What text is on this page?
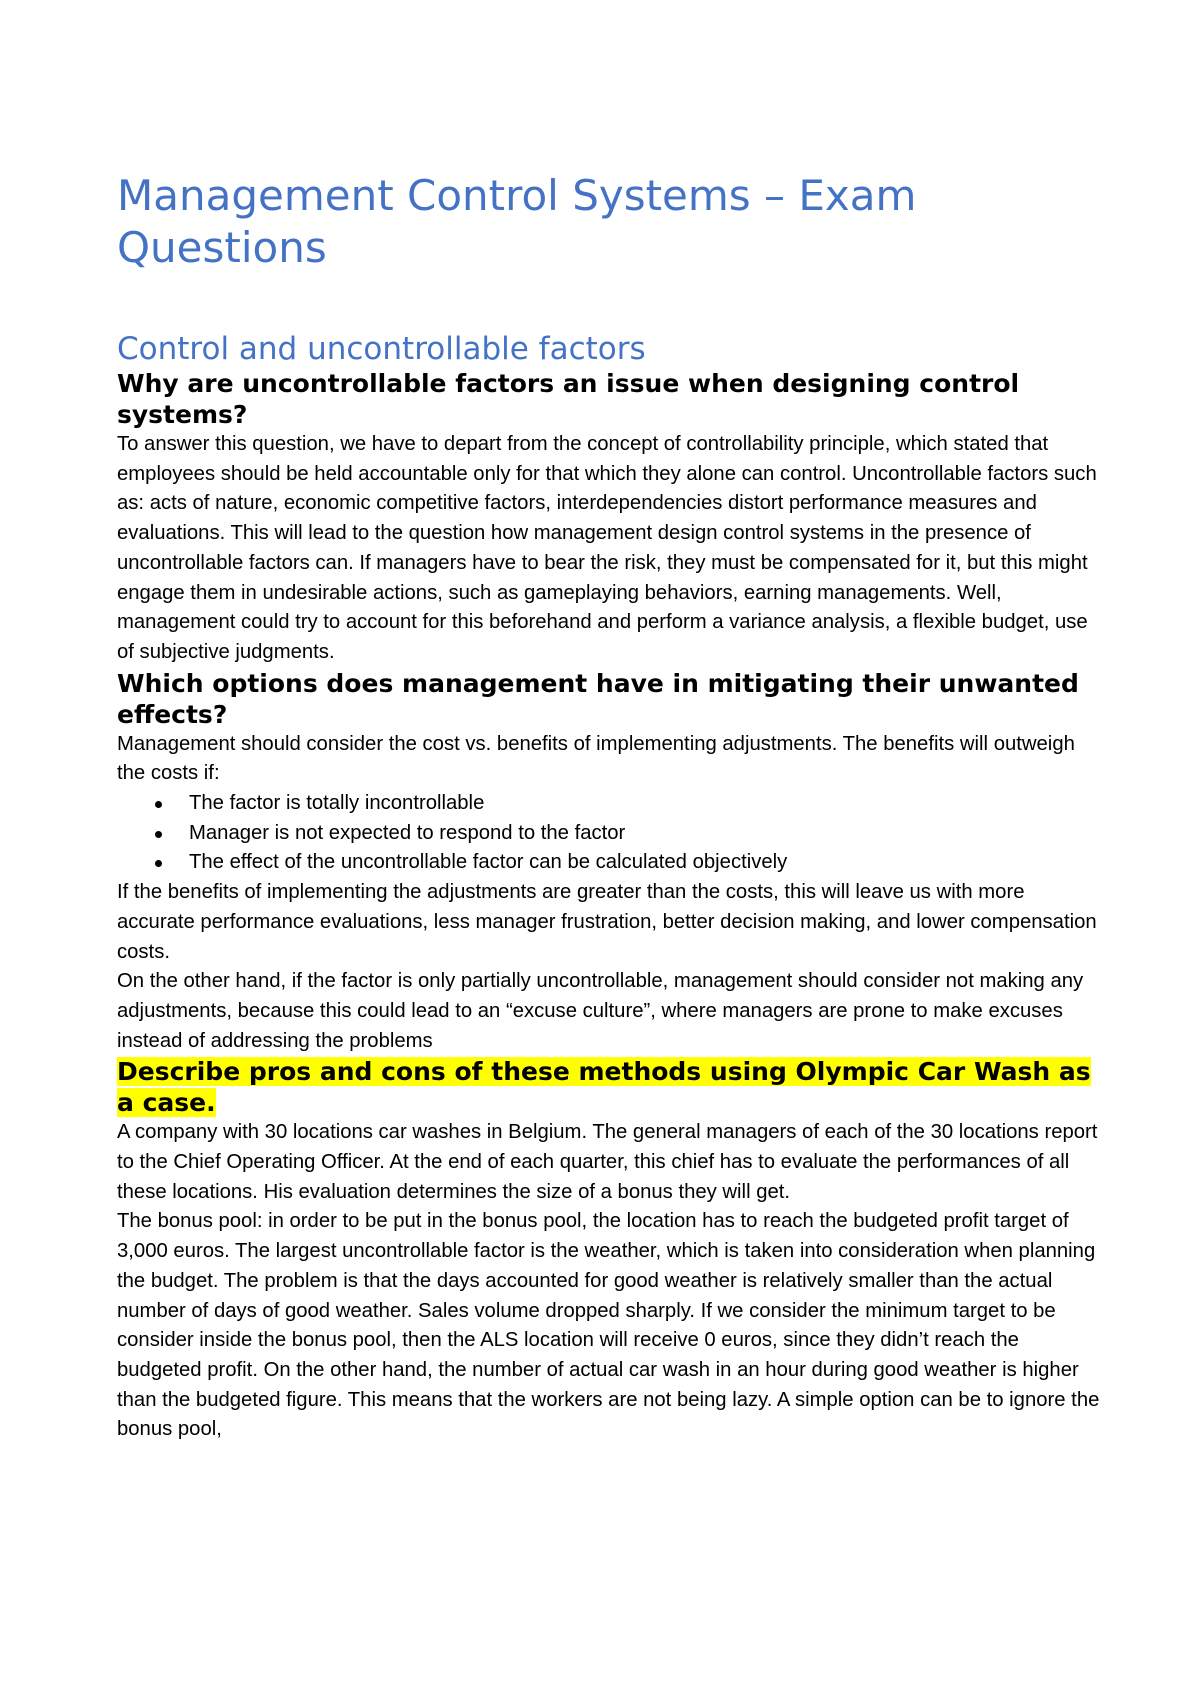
Management Control Systems – Exam Questions
Control and uncontrollable factors
Why are uncontrollable factors an issue when designing control systems?

To answer this question, we have to depart from the concept of controllability principle, which stated that employees should be held accountable only for that which they alone can control. Uncontrollable factors such as: acts of nature, economic competitive factors, interdependencies distort performance measures and evaluations. This will lead to the question how management design control systems in the presence of uncontrollable factors can. If managers have to bear the risk, they must be compensated for it, but this might engage them in undesirable actions, such as gameplaying behaviors, earning managements. Well, management could try to account for this beforehand and perform a variance analysis, a flexible budget, use of subjective judgments.

Which options does management have in mitigating their unwanted effects?

Management should consider the cost vs. benefits of implementing adjustments. The benefits will outweigh the costs if:

The factor is totally incontrollable
Manager is not expected to respond to the factor
The effect of the uncontrollable factor can be calculated objectively

If the benefits of implementing the adjustments are greater than the costs, this will leave us with more accurate performance evaluations, less manager frustration, better decision making, and lower compensation costs.

On the other hand, if the factor is only partially uncontrollable, management should consider not making any adjustments, because this could lead to an “excuse culture”, where managers are prone to make excuses instead of addressing the problems

Describe pros and cons of these methods using Olympic Car Wash as a case.

A company with 30 locations car washes in Belgium. The general managers of each of the 30 locations report to the Chief Operating Officer. At the end of each quarter, this chief has to evaluate the performances of all these locations. His evaluation determines the size of a bonus they will get.

The bonus pool: in order to be put in the bonus pool, the location has to reach the budgeted profit target of 3,000 euros. The largest uncontrollable factor is the weather, which is taken into consideration when planning the budget. The problem is that the days accounted for good weather is relatively smaller than the actual number of days of good weather. Sales volume dropped sharply. If we consider the minimum target to be consider inside the bonus pool, then the ALS location will receive 0 euros, since they didn’t reach the budgeted profit. On the other hand, the number of actual car wash in an hour during good weather is higher than the budgeted figure. This means that the workers are not being lazy. A simple option can be to ignore the bonus pool,
